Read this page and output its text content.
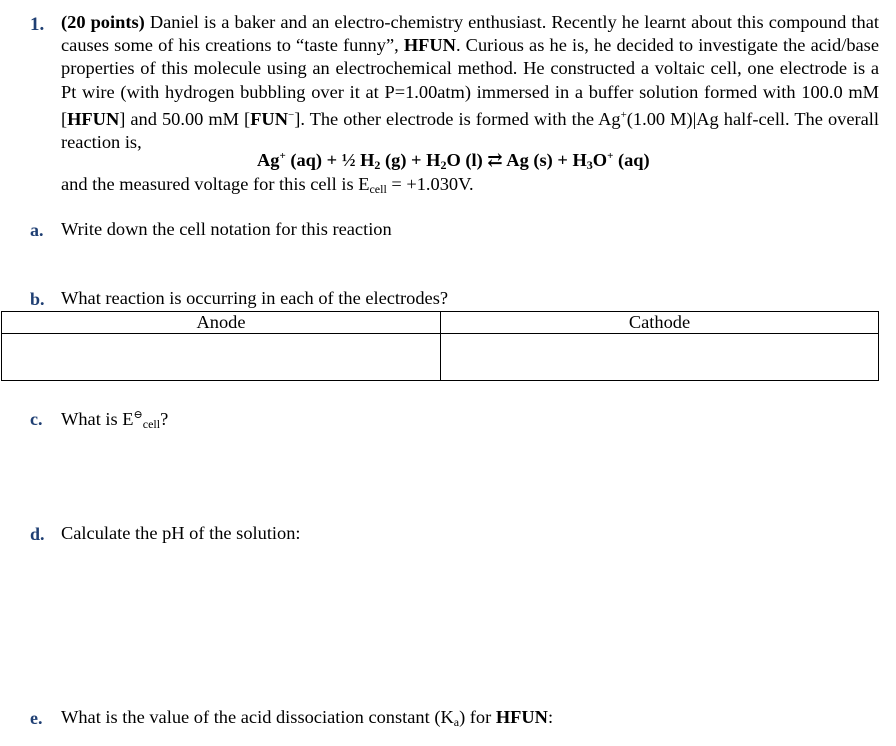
1. (20 points) Daniel is a baker and an electro-chemistry enthusiast. Recently he learnt about this compound that causes some of his creations to “taste funny”, HFUN. Curious as he is, he decided to investigate the acid/base properties of this molecule using an electrochemical method. He constructed a voltaic cell, one electrode is a Pt wire (with hydrogen bubbling over it at P=1.00atm) immersed in a buffer solution formed with 100.0 mM [HFUN] and 50.00 mM [FUN−]. The other electrode is formed with the Ag+(1.00 M)|Ag half-cell. The overall reaction is,

Ag+ (aq) + ½ $H_2$ $(g) + H_2O$ (l) ⇄ Ag $(s) + H_3O^+$ (aq)
and the measured voltage for this cell is $E_{cell} = +1.030V$.
a. Write down the cell notation for this reaction
b. What reaction is occurring in each of the electrodes?
Anode	Cathode

c. What is $E^⊖_{cell}$?
d. Calculate the pH of the solution:
e. What is the value of the acid dissociation constant $(K_a)$ for HFUN:
